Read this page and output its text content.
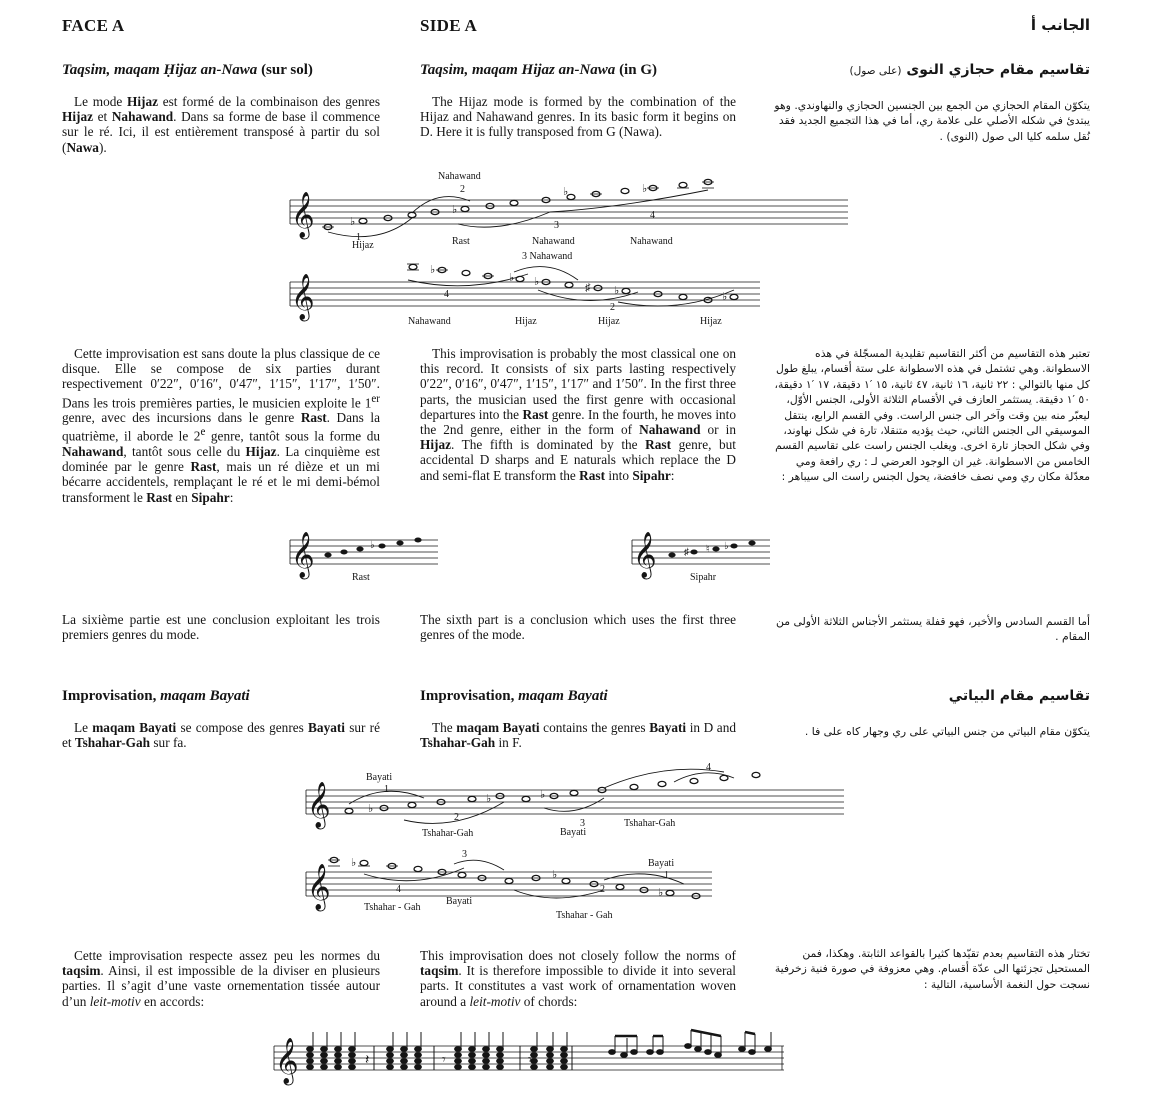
FACE A	SIDE A	الجانب أ
Taqsim, maqam Ḥijaz an-Nawa (sur sol)	Taqsim, maqam Hijaz an-Nawa (in G)	تقاسيم مقام حجازي النوى (على صول)
Le mode Hijaz est formé de la combinaison des genres Hijaz et Nahawand. Dans sa forme de base il commence sur le ré. Ici, il est entièrement transposé à partir du sol (Nawa).
The Hijaz mode is formed by the combination of the Hijaz and Nahawand genres. In its basic form it begins on D. Here it is fully transposed from G (Nawa).
يتكوّن المقام الحجازي من الجمع بين الجنسين الحجازي والنهاوندي. وهو يبتدئ في شكله الأصلي على علامة ري، أما في هذا التجميع الجديد فقد نُقل سلمه كليا الى صول (النوى) .
𝄞	♭
♭
♭	♭
Nahawand
2
1
Hijaz	Rast
3
Nahawand
4
Nahawand
𝄞
♭
♭ ♭	♯ ♭	♭
3 Nahawand
4
Nahawand	Hijaz
2
Hijaz	Hijaz
Cette improvisation est sans doute la plus classique de ce disque. Elle se compose de six parties durant respectivement 0′22″, 0′16″, 0′47″, 1′15″, 1′17″, 1′50″. Dans les trois premières parties, le musicien exploite le 1er genre, avec des incursions dans le genre Rast. Dans la quatrième, il aborde le 2e genre, tantôt sous la forme du Nahawand, tantôt sous celle du Hijaz. La cinquième est dominée par le genre Rast, mais un ré dièze et un mi bécarre accidentels, remplaçant le ré et le mi demi-bémol transforment le Rast en Sipahr:
This improvisation is probably the most classical one on this record. It consists of six parts lasting respectively 0′22″, 0′16″, 0′47″, 1′15″, 1′17″ and 1′50″. In the first three parts, the musician used the first genre with occasional departures into the Rast genre. In the fourth, he moves into the 2nd genre, either in the form of Nahawand or in Hijaz. The fifth is dominated by the Rast genre, but accidental D sharps and E naturals which replace the D and semi-flat E transform the Rast into Sipahr:
تعتبر هذه التقاسيم من أكثر التقاسيم تقليدية المسجّلة في هذه الاسطوانة. وهي تشتمل في هذه الاسطوانة على ستة أقسام، يبلغ طول كل منها بالتوالي : ٢٢ ثانية، ١٦ ثانية، ٤٧ ثانية، ١٥ ′١ دقيقة، ١٧ ′١ دقيقة، ٥٠ ′١ دقيقة. يستثمر العازف في الأقسام الثلاثة الأولى، الجنس الأوّل، ليعبّر منه بين وقت وآخر الى جنس الراست. وفي القسم الرابع، ينتقل الموسيقي الى الجنس الثاني، حيث يؤديه متنقلا، تارة في شكل نهاوند، وفي شكل الحجاز تارة اخرى. ويغلب الجنس راست على تقاسيم القسم الخامس من الاسطوانة. غير ان الوجود العرضي لـ : ري رافعة ومي معدّلة مكان ري ومي نصف خافضة، يحول الجنس راست الى سيباهر :
𝄞	♭
Rast
𝄞	♯ ♮ ♭
Sipahr
La sixième partie est une conclusion exploitant les trois premiers genres du mode.
The sixth part is a conclusion which uses the first three genres of the mode.
أما القسم السادس والأخير، فهو قفلة يستثمر الأجناس الثلاثة الأولى من المقام .
Improvisation, maqam Bayati	Improvisation, maqam Bayati	تقاسيم مقام البياتي
Le maqam Bayati se compose des genres Bayati sur ré et Tshahar-Gah sur fa.
The maqam Bayati contains the genres Bayati in D and Tshahar-Gah in F.
يتكوّن مقام البياتي من جنس البياتي على ري وجهار كاه على فا .
𝄞	♭
♭	♭
Bayati
1
2
Tshahar-Gah
3
Bayati
Tshahar-Gah
4
𝄞
♭
♭
♭
3
4
Tshahar - Gah
Bayati
2
Tshahar - Gah
Bayati
1
Cette improvisation respecte assez peu les normes du taqsim. Ainsi, il est impossible de la diviser en plusieurs parties. Il s’agit d’une vaste ornementation tissée autour d’un leit-motiv en accords:
This improvisation does not closely follow the norms of taqsim. It is therefore impossible to divide it into several parts. It constitutes a vast work of ornamentation woven around a leit-motiv of chords:
تختار هذه التقاسيم بعدم تقيّدها كثيرا بالقواعد الثابتة. وهكذا، فمن المستحيل تجزئتها الى عدّة أقسام. وهي معزوفة في صورة فنية زخرفية نسجت حول النغمة الأساسية، التالية :
𝄞	𝄽	𝄾	𝄾
